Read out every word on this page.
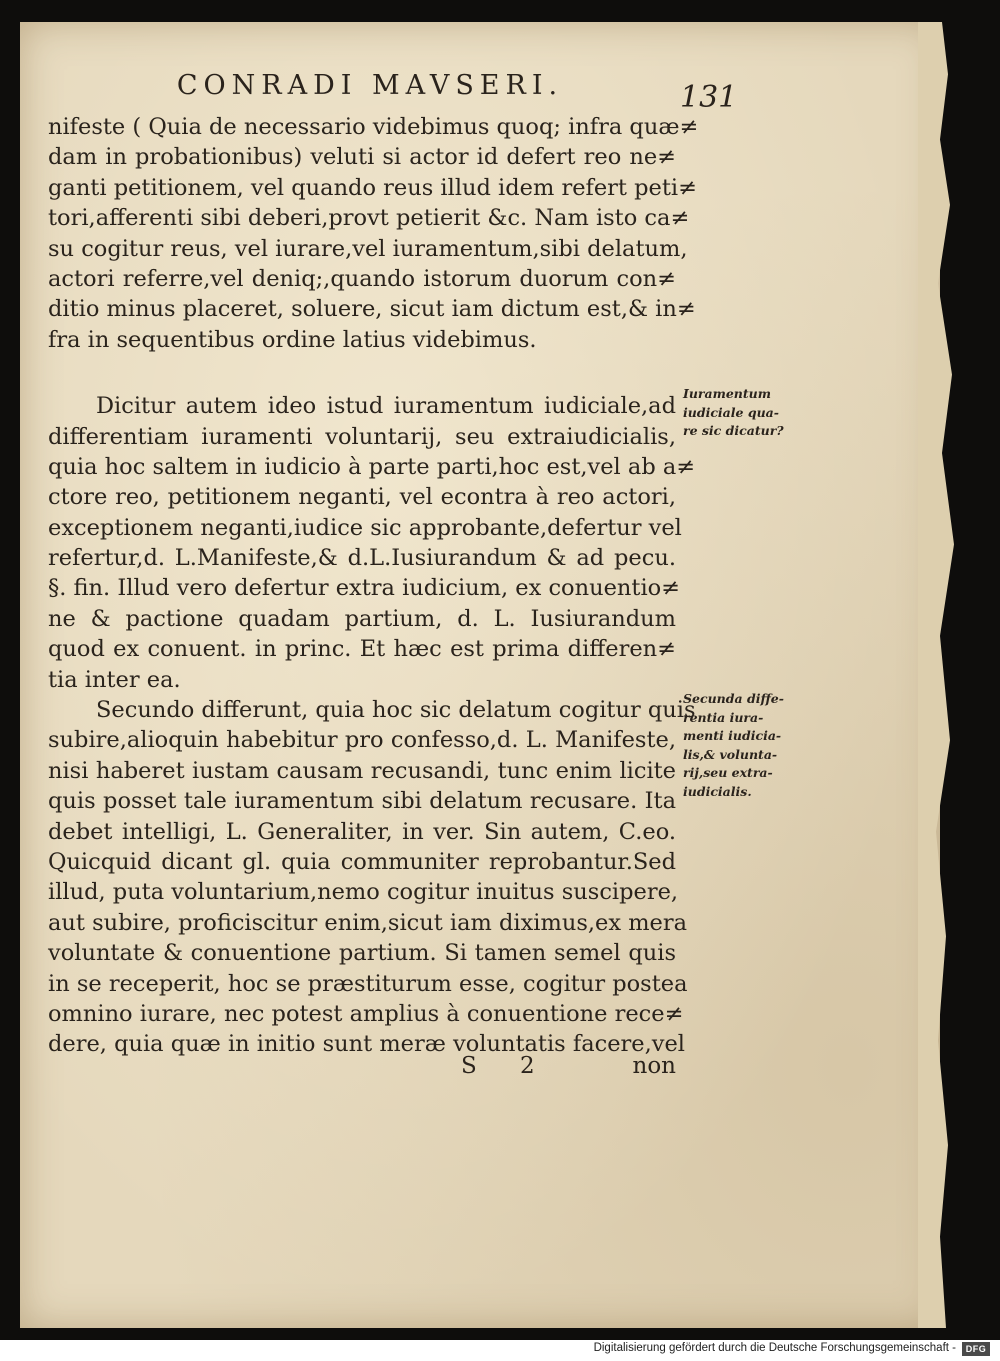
CONRADI MAVSERI.	131
nifeste ( Quia de necessario videbimus quoq; infra quæ≠
dam in probationibus) veluti si actor id defert reo ne≠
ganti petitionem, vel quando reus illud idem refert peti≠
tori,afferenti sibi deberi,provt petierit &c. Nam isto ca≠
su cogitur reus, vel iurare,vel iuramentum,sibi delatum,
actori referre,vel deniq;,quando istorum duorum con≠
ditio minus placeret, soluere, sicut iam dictum est,& in≠
fra in sequentibus ordine latius videbimus.
Dicitur autem ideo istud iuramentum iudiciale,ad
differentiam iuramenti voluntarij, seu extraiudicialis,
quia hoc saltem in iudicio à parte parti,hoc est,vel ab a≠
ctore reo, petitionem neganti, vel econtra à reo actori,
exceptionem neganti,iudice sic approbante,defertur vel
refertur,d. L.Manifeste,& d.L.Iusiurandum & ad pecu.
§. fin. Illud vero defertur extra iudicium, ex conuentio≠
ne & pactione quadam partium, d. L. Iusiurandum
quod ex conuent. in princ. Et hæc est prima differen≠
tia inter ea.
Secundo differunt, quia hoc sic delatum cogitur quis
subire,alioquin habebitur pro confesso,d. L. Manifeste,
nisi haberet iustam causam recusandi, tunc enim licite
quis posset tale iuramentum sibi delatum recusare. Ita
debet intelligi, L. Generaliter, in ver. Sin autem, C.eo.
Quicquid dicant gl. quia communiter reprobantur.Sed
illud, puta voluntarium,nemo cogitur inuitus suscipere,
aut subire, proficiscitur enim,sicut iam diximus,ex mera
voluntate & conuentione partium. Si tamen semel quis
in se receperit, hoc se præstiturum esse, cogitur postea
omnino iurare, nec potest amplius à conuentione rece≠
dere, quia quæ in initio sunt meræ voluntatis facere,vel
Iuramentum
iudiciale qua-
re sic dicatur?
Secunda diffe-
rentia iura-
menti iudicia-
lis,& volunta-
rij,seu extra-
iudicialis.
S 2	non
Digitalisierung gefördert durch die Deutsche Forschungsgemeinschaft -	DFG
